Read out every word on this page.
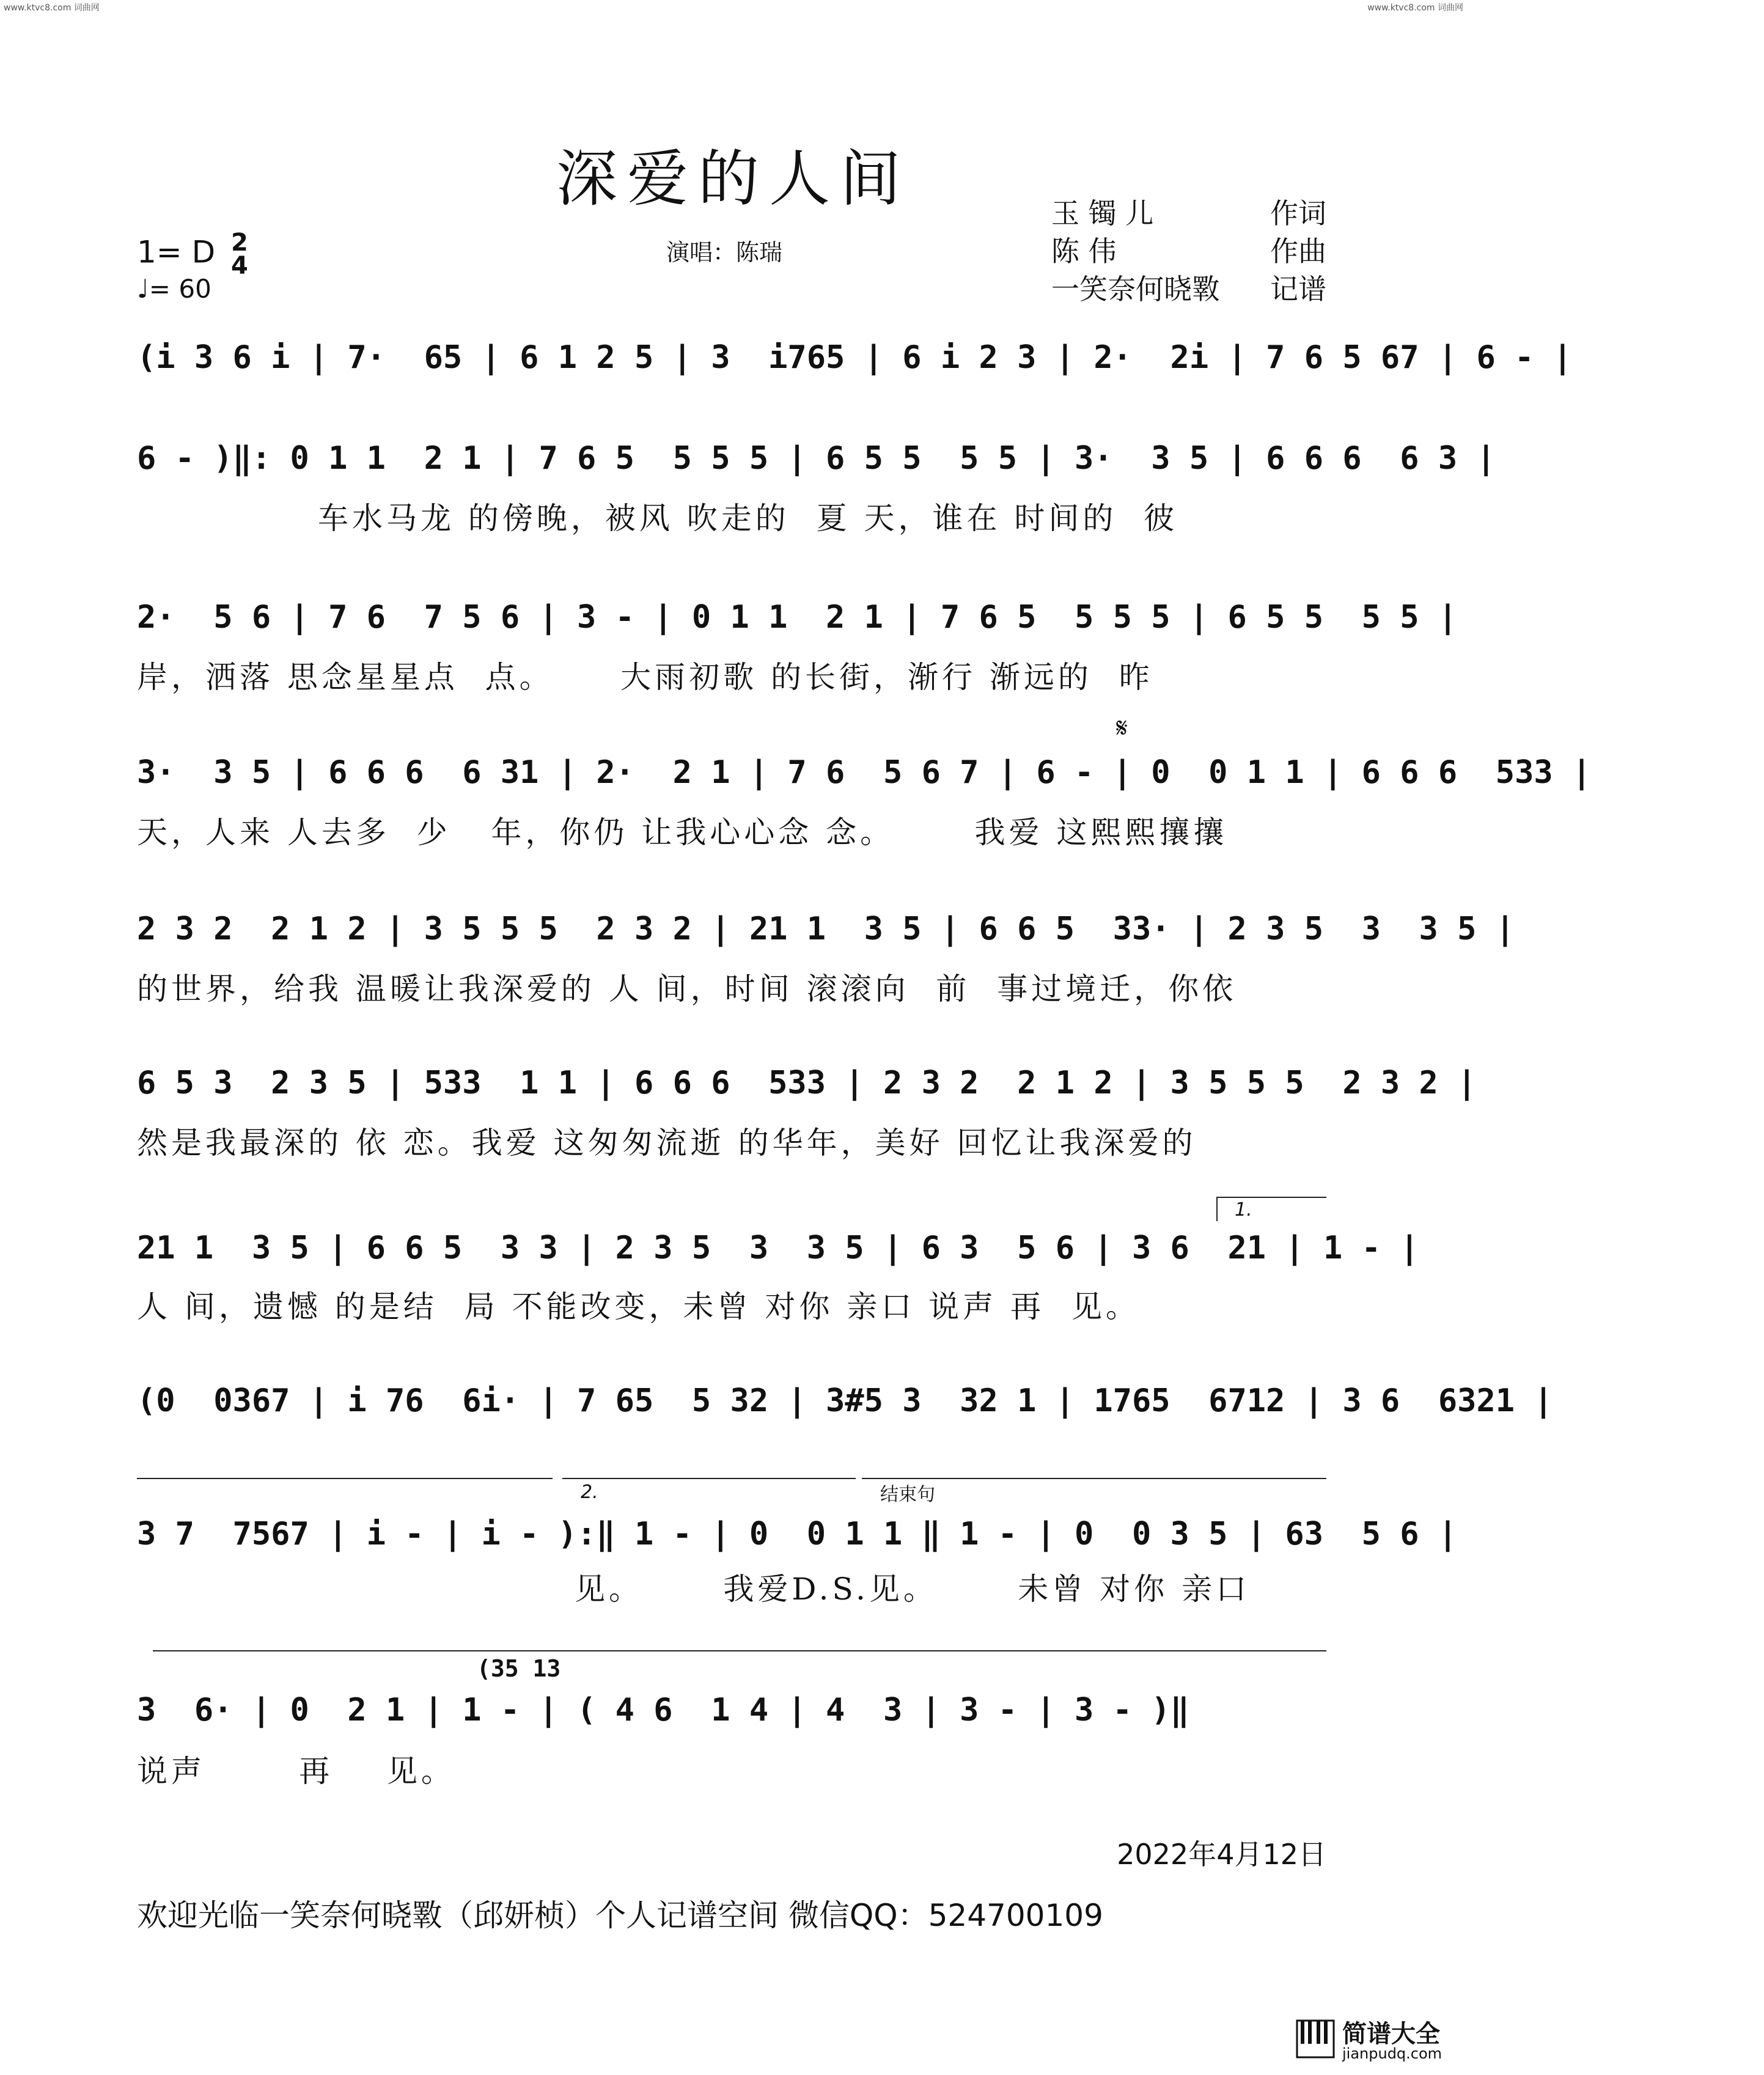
www.ktvc8.com 词曲网	www.ktvc8.com 词曲网
深爱的人间	玉 镯 儿	作词
陈 伟	作曲
一笑奈何晓斁 记谱
1= D 2
4
♩= 60
演唱：陈瑞
𝄋
(i 3 6 i | 7·  65 | 6 1 2 5 | 3  i765 | 6 i 2 3 | 2·  2i | 7 6 5 67 | 6 - |
6 - )‖: 0 1 1  2 1 | 7 6 5  5 5 5 | 6 5 5  5 5 | 3·  3 5 | 6 6 6  6 3 |
车水马龙 的傍晚，被风 吹走的  夏 天，谁在 时间的  彼
2·  5 6 | 7 6  7 5 6 | 3 - | 0 1 1  2 1 | 7 6 5  5 5 5 | 6 5 5  5 5 |
岸，洒落 思念星星点  点。     大雨初歌 的长街，渐行 渐远的  昨
3·  3 5 | 6 6 6  6 31 | 2·  2 1 | 7 6  5 6 7 | 6 - | 0  0 1 1 | 6 6 6  533 |
天，人来 人去多  少   年，你仍 让我心心念 念。      我爱 这熙熙攘攘
2 3 2  2 1 2 | 3 5 5 5  2 3 2 | 21 1  3 5 | 6 6 5  33· | 2 3 5  3  3 5 |
的世界，给我 温暖让我深爱的 人 间，时间 滚滚向  前  事过境迁，你依
6 5 3  2 3 5 | 533  1 1 | 6 6 6  533 | 2 3 2  2 1 2 | 3 5 5 5  2 3 2 |
然是我最深的 依 恋。我爱 这匆匆流逝 的华年，美好 回忆让我深爱的
1.
21 1  3 5 | 6 6 5  3 3 | 2 3 5  3  3 5 | 6 3  5 6 | 3 6  21 | 1 - |
人 间，遗憾 的是结  局 不能改变，未曾 对你 亲口 说声 再  见。
(0  0367 | i 76  6i· | 7 65  5 32 | 3#5 3  32 1 | 1765  6712 | 3 6  6321 |
2.	结束句
3 7  7567 | i - | i - ):‖ 1 - | 0  0 1 1 ‖ 1 - | 0  0 3 5 | 63  5 6 |
见。      我爱D.S.见。      未曾 对你 亲口
(35 13
3  6· | 0  2 1 | 1 - | ( 4 6  1 4 | 4  3 | 3 - | 3 - )‖
说声       再    见。
2022年4月12日
欢迎光临一笑奈何晓斁（邱妍桢）个人记谱空间 微信QQ：524700109
简谱大全
jianpudq.com
